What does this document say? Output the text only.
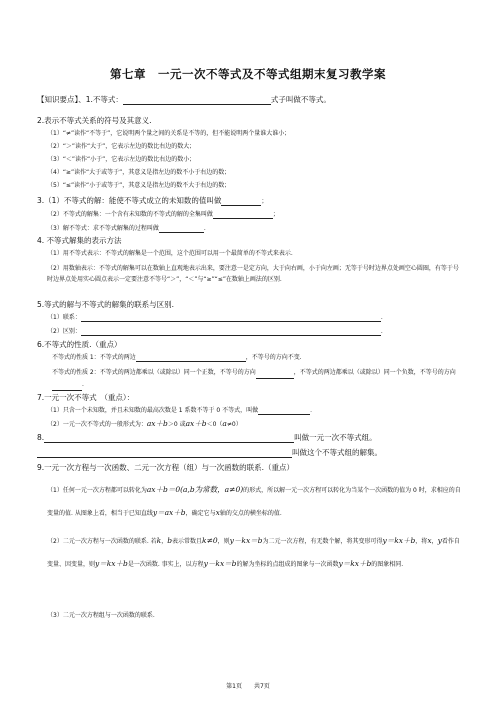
第七章　一元一次不等式及不等式组期末复习教学案
【知识要点】、1.不等式：	式子叫做不等式。
2.表示不等式关系的符号及其意义.
（1）“≠”读作“不等于”，它说明两个量之间的关系是不等的，但不能说明两个量谁大谁小；
（2）“＞”读作“大于”，它表示左边的数比右边的数大；
（3）“＜”读作“小于”，它表示左边的数比右边的数小；
（4）“≥”读作“大于或等于”，其意义是指左边的数不小于右边的数；
（5）“≤”读作“小于或等于”，其意义是指左边的数不大于右边的数；
3.（1）不等式的解：能使不等式成立的未知数的值叫做	；
（2）不等式的解集：一个含有未知数的不等式的解的全集叫做	；
（3）解不等式：求不等式解集的过程叫做	.
4. 不等式解集的表示方法
（1）用不等式表示：不等式的解集是一个范围，这个范围可以用一个最简单的不等式来表示.
（2）用数轴表示：不等式的解集可以在数轴上直观地表示出来，要注意一是定方向，大于向右画，小于向左画；无等于号时边界点处画空心圆圈，有等于号时边界点处用实心圆点表示一定要注意不等号“＞”，“＜”与“≥”“≤”在数轴上画法的区别.
5.等式的解与不等式的解集的联系与区别.
（1）联系：	.
（2）区别：	.
6.不等式的性质.（重点）
不等式的性质 1：不等式的两边	，不等号的方向不变.
不等式的性质 2：不等式的两边都乘以（或除以）同一个正数，不等号的方向	，不等式的两边都乘以（或除以）同一个负数，不等号的方向.
7.一元一次不等式　（重点）：
（1）只含一个未知数，并且未知数的最高次数是 1 系数不等于 0 不等式，叫做	．
（2）一元一次不等式的一般形式为：ax＋b＞0 或ax＋b＜0（a≠0）
8.	叫做一元一次不等式组。
叫做这个不等式组的解集。
9.一元一次方程与一次函数、二元一次方程（组）与一次函数的联系.（重点）
（1）任何一元一次方程都可以转化为ax＋b＝0(a,b为常数，a≠0)的形式，所以解一元一次方程可以转化为当某个一次函数的值为 0 时，求相应的自变量的值. 从图象上看，相当于已知直线y＝ax＋b，确定它与x轴的交点的横坐标的值.
（2）二元一次方程与一次函数的联系. 若k，b表示常数且k≠0，则y－kx＝b为二元一次方程，有无数个解，将其变形可得y＝kx＋b，将x，y看作自变量、因变量，则y＝kx＋b是一次函数. 事实上，以方程y－kx＝b的解为坐标的点组成的图象与一次函数y＝kx＋b的图象相同.
（3）二元一次方程组与一次函数的联系.
第1页　　共7页
